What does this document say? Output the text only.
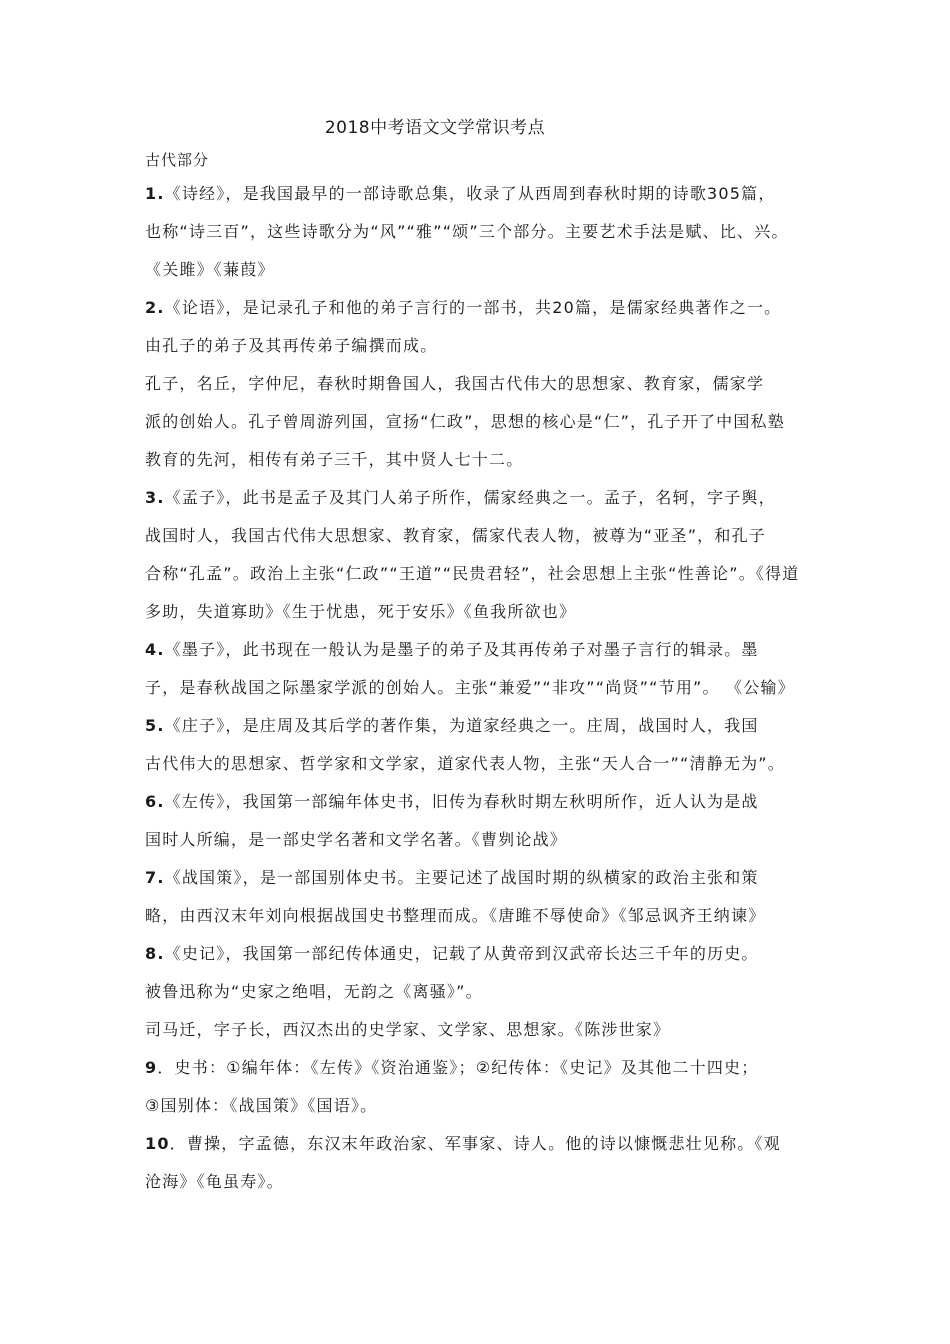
2018中考语文文学常识考点
古代部分
1.《诗经》，是我国最早的一部诗歌总集，收录了从西周到春秋时期的诗歌305篇，
也称“诗三百”，这些诗歌分为“风”“雅”“颂”三个部分。主要艺术手法是赋、比、兴。
《关雎》《蒹葭》
2.《论语》，是记录孔子和他的弟子言行的一部书，共20篇，是儒家经典著作之一。
由孔子的弟子及其再传弟子编撰而成。
孔子，名丘，字仲尼，春秋时期鲁国人，我国古代伟大的思想家、教育家，儒家学
派的创始人。孔子曾周游列国，宣扬“仁政”，思想的核心是“仁”，孔子开了中国私塾
教育的先河，相传有弟子三千，其中贤人七十二。
3.《孟子》，此书是孟子及其门人弟子所作，儒家经典之一。孟子，名轲，字子舆，
战国时人，我国古代伟大思想家、教育家，儒家代表人物，被尊为“亚圣”，和孔子
合称“孔孟”。政治上主张“仁政”“王道”“民贵君轻”，社会思想上主张“性善论”。《得道
多助，失道寡助》《生于忧患，死于安乐》《鱼我所欲也》
4.《墨子》，此书现在一般认为是墨子的弟子及其再传弟子对墨子言行的辑录。墨
子，是春秋战国之际墨家学派的创始人。主张“兼爱”“非攻”“尚贤”“节用”。 《公输》
5.《庄子》，是庄周及其后学的著作集，为道家经典之一。庄周，战国时人，我国
古代伟大的思想家、哲学家和文学家，道家代表人物，主张“天人合一”“清静无为”。
6.《左传》，我国第一部编年体史书，旧传为春秋时期左秋明所作，近人认为是战
国时人所编，是一部史学名著和文学名著。《曹刿论战》
7.《战国策》，是一部国别体史书。主要记述了战国时期的纵横家的政治主张和策
略，由西汉末年刘向根据战国史书整理而成。《唐雎不辱使命》《邹忌讽齐王纳谏》
8.《史记》，我国第一部纪传体通史，记载了从黄帝到汉武帝长达三千年的历史。
被鲁迅称为“史家之绝唱，无韵之《离骚》”。
司马迁，字子长，西汉杰出的史学家、文学家、思想家。《陈涉世家》
9．史书：①编年体：《左传》《资治通鉴》；②纪传体：《史记》及其他二十四史；
③国别体：《战国策》《国语》。
10．曹操，字孟德，东汉末年政治家、军事家、诗人。他的诗以慷慨悲壮见称。《观
沧海》《龟虽寿》。
